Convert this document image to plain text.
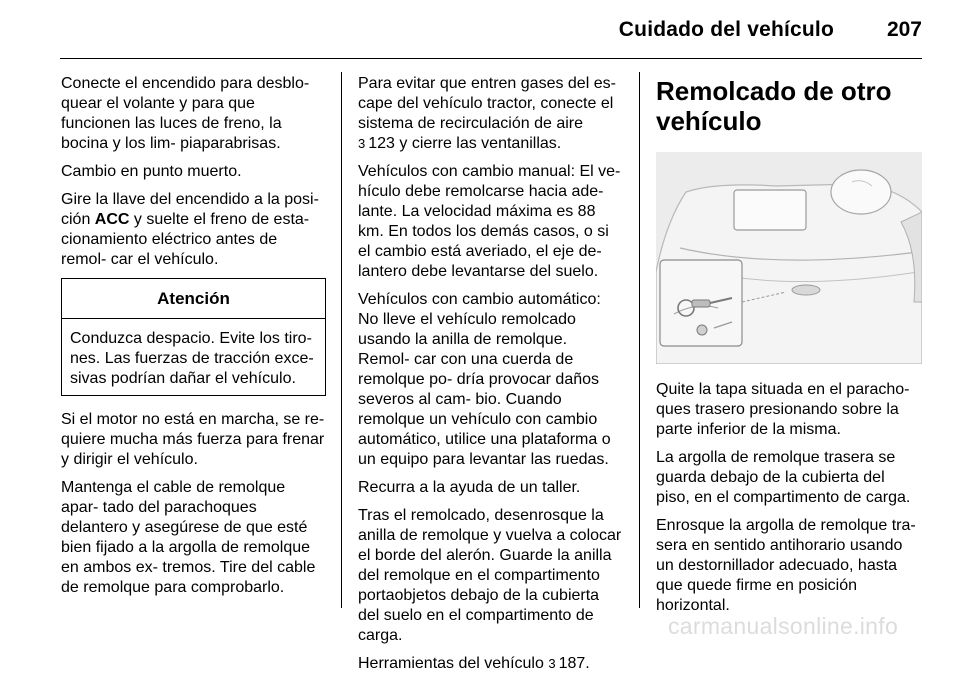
Cuidado del vehículo	207

Conecte el encendido para desblo- quear el volante y para que funcionen las luces de freno, la bocina y los lim- piaparabrisas.

Cambio en punto muerto.

Gire la llave del encendido a la posi- ción ACC y suelte el freno de esta- cionamiento eléctrico antes de remol- car el vehículo.

Atención
Conduzca despacio. Evite los tiro- nes. Las fuerzas de tracción exce- sivas podrían dañar el vehículo.

Si el motor no está en marcha, se re- quiere mucha más fuerza para frenar y dirigir el vehículo.

Mantenga el cable de remolque apar- tado del parachoques delantero y asegúrese de que esté bien fijado a la argolla de remolque en ambos ex- tremos. Tire del cable de remolque para comprobarlo.

Para evitar que entren gases del es- cape del vehículo tractor, conecte el sistema de recirculación de aire
3 123 y cierre las ventanillas.

Vehículos con cambio manual: El ve- hículo debe remolcarse hacia ade- lante. La velocidad máxima es 88 km. En todos los demás casos, o si el cambio está averiado, el eje de- lantero debe levantarse del suelo.

Vehículos con cambio automático: No lleve el vehículo remolcado usando la anilla de remolque. Remol- car con una cuerda de remolque po- dría provocar daños severos al cam- bio. Cuando remolque un vehículo con cambio automático, utilice una plataforma o un equipo para levantar las ruedas.

Recurra a la ayuda de un taller.

Tras el remolcado, desenrosque la anilla de remolque y vuelva a colocar el borde del alerón. Guarde la anilla del remolque en el compartimento portaobjetos debajo de la cubierta del suelo en el compartimento de carga.

Herramientas del vehículo 3 187.

Remolcado de otro vehículo

Quite la tapa situada en el paracho- ques trasero presionando sobre la parte inferior de la misma.

La argolla de remolque trasera se guarda debajo de la cubierta del piso, en el compartimento de carga.

Enrosque la argolla de remolque tra- sera en sentido antihorario usando un destornillador adecuado, hasta que quede firme en posición horizontal.

carmanualsonline.info
